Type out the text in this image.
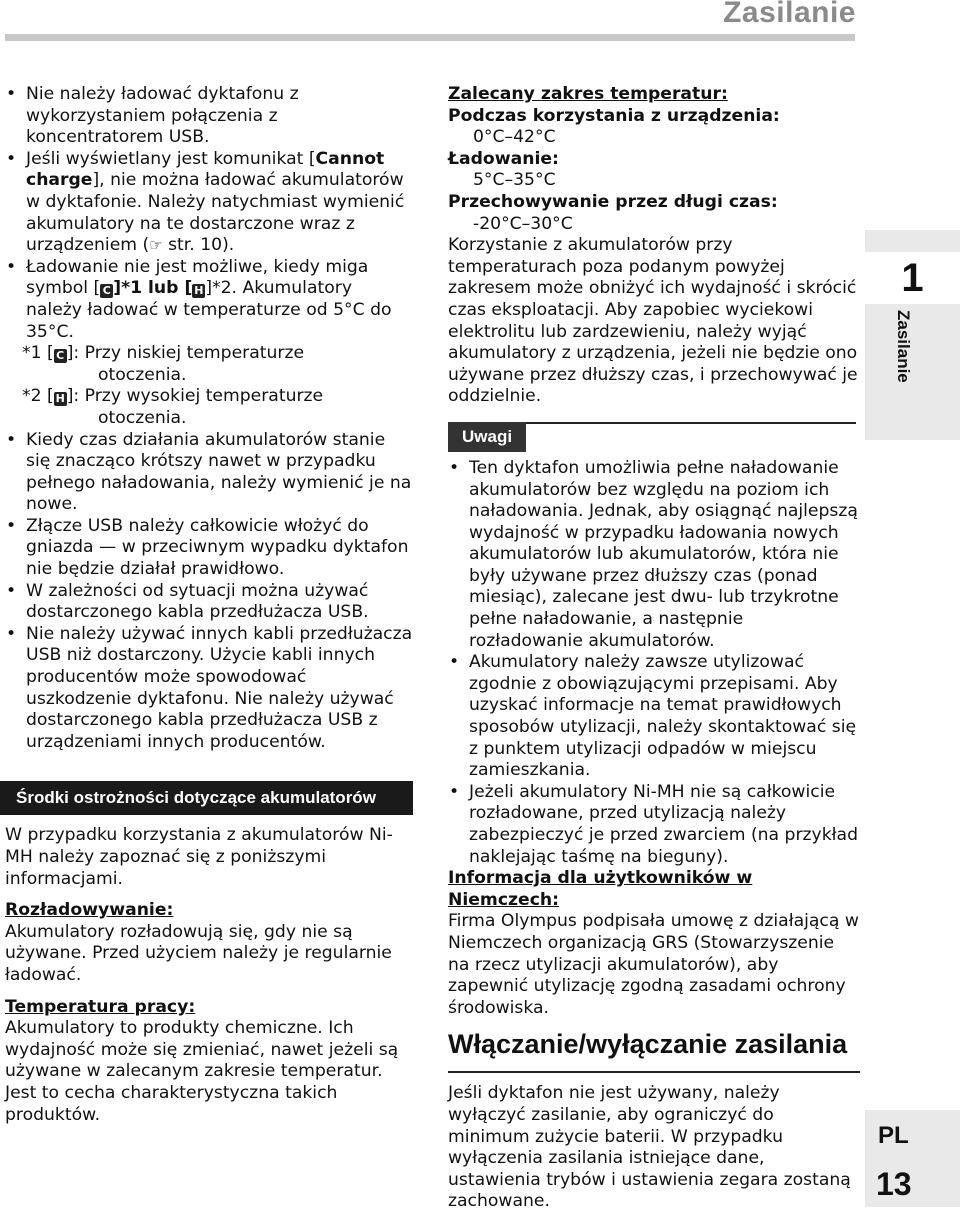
Zasilanie
• Nie należy ładować dyktafonu z wykorzystaniem połączenia z koncentratorem USB.
• Jeśli wyświetlany jest komunikat [Cannot charge], nie można ładować akumulatorów w dyktafonie. Należy natychmiast wymienić akumulatory na te dostarczone wraz z urządzeniem (☞ str. 10).
• Ładowanie nie jest możliwe, kiedy miga symbol [ C ]*1 lub [ H ]*2. Akumulatory należy ładować w temperaturze od 5°C do 35°C.
*1 [ C ]: Przy niskiej temperaturze
otoczenia.
*2 [ H ]: Przy wysokiej temperaturze
otoczenia.
• Kiedy czas działania akumulatorów stanie się znacząco krótszy nawet w przypadku pełnego naładowania, należy wymienić je na nowe.
• Złącze USB należy całkowicie włożyć do gniazda — w przeciwnym wypadku dyktafon nie będzie działał prawidłowo.
• W zależności od sytuacji można używać dostarczonego kabla przedłużacza USB.
• Nie należy używać innych kabli przedłużacza USB niż dostarczony. Użycie kabli innych producentów może spowodować uszkodzenie dyktafonu. Nie należy używać dostarczonego kabla przedłużacza USB z urządzeniami innych producentów.
Środki ostrożności dotyczące akumulatorów

W przypadku korzystania z akumulatorów Ni-MH należy zapoznać się z poniższymi informacjami.

Rozładowywanie:

Akumulatory rozładowują się, gdy nie są używane. Przed użyciem należy je regularnie ładować.

Temperatura pracy:

Akumulatory to produkty chemiczne. Ich wydajność może się zmieniać, nawet jeżeli są używane w zalecanym zakresie temperatur. Jest to cecha charakterystyczna takich produktów.

Zalecany zakres temperatur:
Podczas korzystania z urządzenia:
0°C–42°C
Ładowanie:
5°C–35°C
Przechowywanie przez długi czas:
-20°C–30°C

Korzystanie z akumulatorów przy temperaturach poza podanym powyżej zakresem może obniżyć ich wydajność i skrócić czas eksploatacji. Aby zapobiec wyciekowi elektrolitu lub zardzewieniu, należy wyjąć akumulatory z urządzenia, jeżeli nie będzie ono używane przez dłuższy czas, i przechowywać je oddzielnie.

Uwagi
• Ten dyktafon umożliwia pełne naładowanie akumulatorów bez względu na poziom ich naładowania. Jednak, aby osiągnąć najlepszą wydajność w przypadku ładowania nowych akumulatorów lub akumulatorów, która nie były używane przez dłuższy czas (ponad miesiąc), zalecane jest dwu- lub trzykrotne pełne naładowanie, a następnie rozładowanie akumulatorów.
• Akumulatory należy zawsze utylizować zgodnie z obowiązującymi przepisami. Aby uzyskać informacje na temat prawidłowych sposobów utylizacji, należy skontaktować się z punktem utylizacji odpadów w miejscu zamieszkania.
• Jeżeli akumulatory Ni-MH nie są całkowicie rozładowane, przed utylizacją należy zabezpieczyć je przed zwarciem (na przykład naklejając taśmę na bieguny).
Informacja dla użytkowników w Niemczech:

Firma Olympus podpisała umowę z działającą w Niemczech organizacją GRS (Stowarzyszenie na rzecz utylizacji akumulatorów), aby zapewnić utylizację zgodną zasadami ochrony środowiska.

Włączanie/wyłączanie zasilania

Jeśli dyktafon nie jest używany, należy wyłączyć zasilanie, aby ograniczyć do minimum zużycie baterii. W przypadku wyłączenia zasilania istniejące dane, ustawienia trybów i ustawienia zegara zostaną zachowane.

1
Zasilanie
PL
13
